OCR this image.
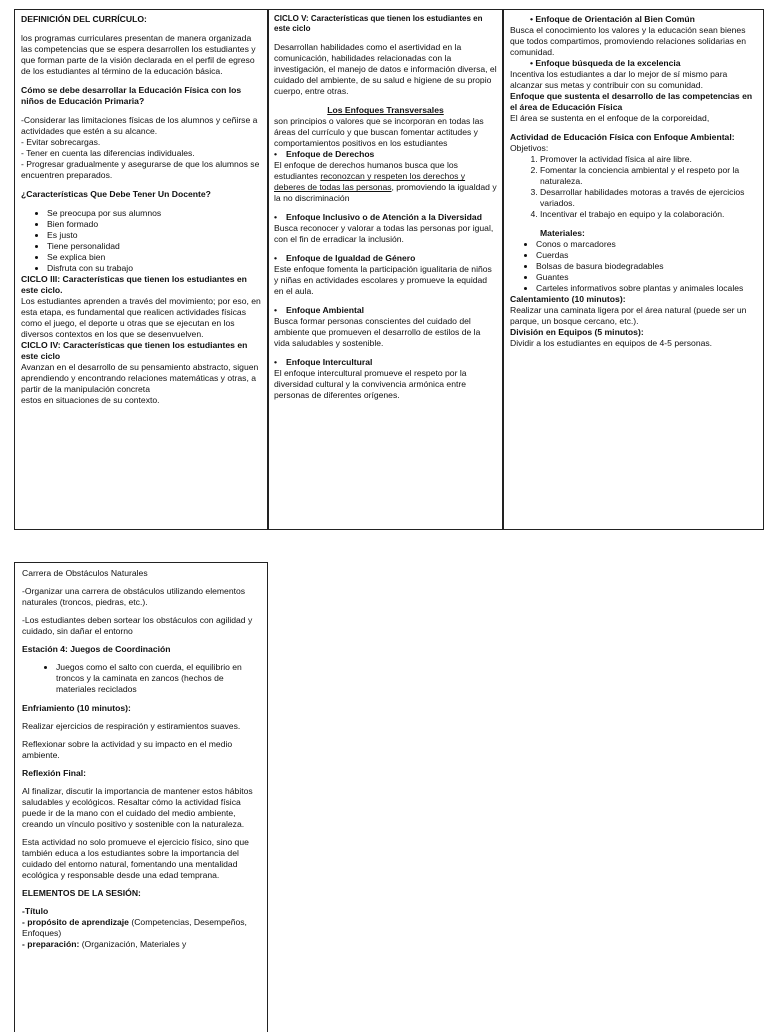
DEFINICIÓN DEL CURRÍCULO:

los programas curriculares presentan de manera organizada las competencias que se espera desarrollen los estudiantes y que forman parte de la visión declarada en el perfil de egreso de los estudiantes al término de la educación básica.

Cómo se debe desarrollar la Educación Física con los niños de Educación Primaria?

-Considerar las limitaciones físicas de los alumnos y ceñirse a actividades que estén a su alcance.

- Evitar sobrecargas.

- Tener en cuenta las diferencias individuales.

- Progresar gradualmente y asegurarse de que los alumnos se encuentren preparados.

¿Características Que Debe Tener Un Docente?

• Se preocupa por sus alumnos
• Bien formado
• Es justo
• Tiene personalidad
• Se explica bien
• Disfruta con su trabajo

CICLO III: Características que tienen los estudiantes en este ciclo.

Los estudiantes aprenden a través del movimiento; por eso, en esta etapa, es fundamental que realicen actividades físicas como el juego, el deporte u otras que se ejecutan en los diversos contextos en los que se desenvuelven.

CICLO IV: Características que tienen los estudiantes en este ciclo

Avanzan en el desarrollo de su pensamiento abstracto, siguen aprendiendo y encontrando relaciones matemáticas y otras, a partir de la manipulación concreta

estos en situaciones de su contexto.

CICLO V: Características que tienen los estudiantes en este ciclo

Desarrollan habilidades como el asertividad en la comunicación, habilidades relacionadas con la investigación, el manejo de datos e información diversa, el cuidado del ambiente, de su salud e higiene de su propio cuerpo, entre otras.

Los Enfoques Transversales

son principios o valores que se incorporan en todas las áreas del currículo y que buscan fomentar actitudes y comportamientos positivos en los estudiantes

• Enfoque de Derechos

El enfoque de derechos humanos busca que los estudiantes reconozcan y respeten los derechos y deberes de todas las personas, promoviendo la igualdad y la no discriminación

• Enfoque Inclusivo o de Atención a la Diversidad

Busca reconocer y valorar a todas las personas por igual, con el fin de erradicar la inclusión.

• Enfoque de Igualdad de Género

Este enfoque fomenta la participación igualitaria de niños y niñas en actividades escolares y promueve la equidad en el aula.

• Enfoque Ambiental

Busca formar personas conscientes del cuidado del ambiente que promueven el desarrollo de estilos de la vida saludables y sostenible.

• Enfoque Intercultural

El enfoque intercultural promueve el respeto por la diversidad cultural y la convivencia armónica entre personas de diferentes orígenes.

• Enfoque de Orientación al Bien Común

Busca el conocimiento los valores y la educación sean bienes que todos compartimos, promoviendo relaciones solidarias en comunidad.

• Enfoque búsqueda de la excelencia

Incentiva los estudiantes a dar lo mejor de sí mismo para alcanzar sus metas y contribuir con su comunidad.

Enfoque que sustenta el desarrollo de las competencias en el área de Educación Física

El área se sustenta en el enfoque de la corporeidad,

Actividad de Educación Física con Enfoque Ambiental:

Objetivos:

1. Promover la actividad física al aire libre.
2. Fomentar la conciencia ambiental y el respeto por la naturaleza.
3. Desarrollar habilidades motoras a través de ejercicios variados.
4. Incentivar el trabajo en equipo y la colaboración.

Materiales:

• Conos o marcadores
• Cuerdas
• Bolsas de basura biodegradables
• Guantes
• Carteles informativos sobre plantas y animales locales

Calentamiento (10 minutos):

Realizar una caminata ligera por el área natural (puede ser un parque, un bosque cercano, etc.).

División en Equipos (5 minutos):

Dividir a los estudiantes en equipos de 4-5 personas.

Carrera de Obstáculos Naturales

-Organizar una carrera de obstáculos utilizando elementos naturales (troncos, piedras, etc.).

-Los estudiantes deben sortear los obstáculos con agilidad y cuidado, sin dañar el entorno

Estación 4: Juegos de Coordinación

• Juegos como el salto con cuerda, el equilibrio en troncos y la caminata en zancos (hechos de materiales reciclados

Enfriamiento (10 minutos):

Realizar ejercicios de respiración y estiramientos suaves.

Reflexionar sobre la actividad y su impacto en el medio ambiente.

Reflexión Final:

Al finalizar, discutir la importancia de mantener estos hábitos saludables y ecológicos. Resaltar cómo la actividad física puede ir de la mano con el cuidado del medio ambiente, creando un vínculo positivo y sostenible con la naturaleza.

Esta actividad no solo promueve el ejercicio físico, sino que también educa a los estudiantes sobre la importancia del cuidado del entorno natural, fomentando una mentalidad ecológica y responsable desde una edad temprana.

ELEMENTOS DE LA SESIÓN:

-Título
- propósito de aprendizaje (Competencias, Desempeños, Enfoques)
- preparación: (Organización, Materiales y
